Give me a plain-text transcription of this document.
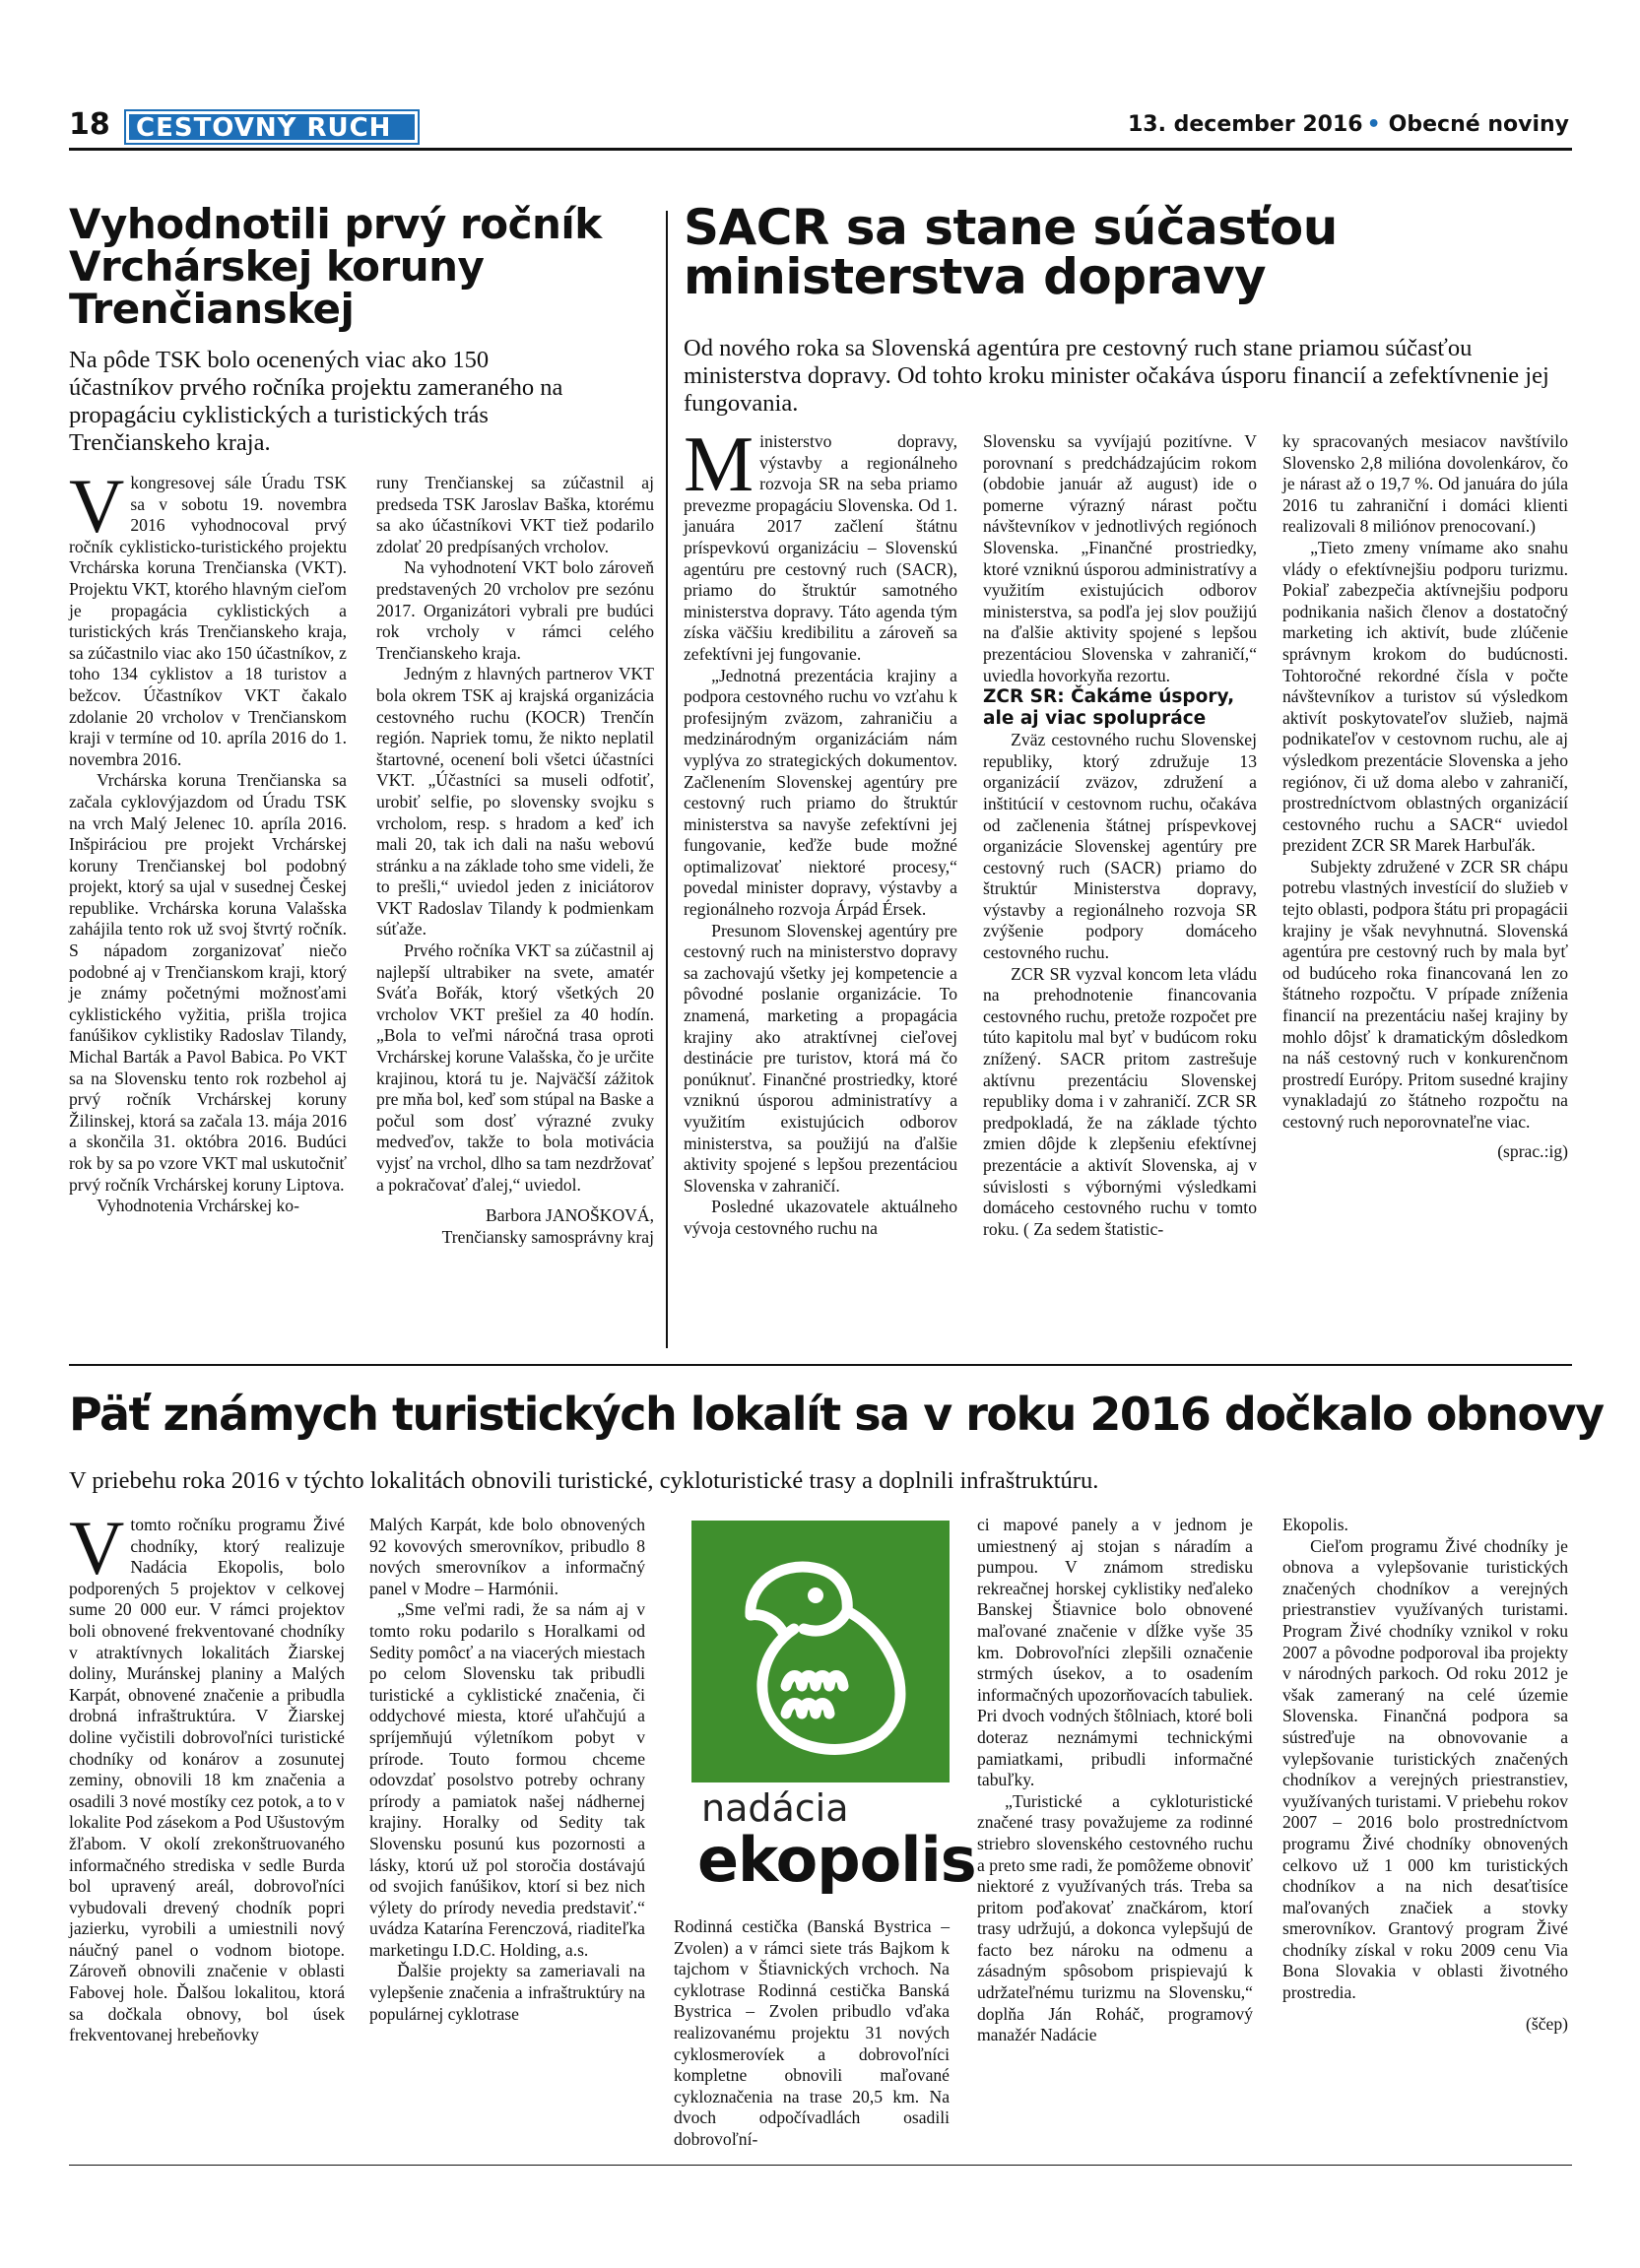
18 CESTOVNÝ RUCH	13. december 2016 • Obecné noviny
Vyhodnotili prvý ročník
Vrchárskej koruny
Trenčianskej

Na pôde TSK bolo ocenených viac ako 150 účastníkov prvého ročníka projektu zameraného na propagáciu cyklistických a turistických trás Trenčianskeho kraja.

V kongresovej sále Úradu TSK sa v sobotu 19. novembra 2016 vyhodnocoval prvý ročník cyklisticko-turistického projektu Vrchárska koruna Trenčianska (VKT). Projektu VKT, ktorého hlavným cieľom je propagácia cyklistických a turistických krás Trenčianskeho kraja, sa zúčastnilo viac ako 150 účastníkov, z toho 134 cyklistov a 18 turistov a bežcov. Účastníkov VKT čakalo zdolanie 20 vrcholov v Trenčianskom kraji v termíne od 10. apríla 2016 do 1. novembra 2016.

Vrchárska koruna Trenčianska sa začala cyklovýjazdom od Úradu TSK na vrch Malý Jelenec 10. apríla 2016. Inšpiráciou pre projekt Vrchárskej koruny Trenčianskej bol podobný projekt, ktorý sa ujal v susednej Českej republike. Vrchárska koruna Valašska zahájila tento rok už svoj štvrtý ročník. S nápadom zorganizovať niečo podobné aj v Trenčianskom kraji, ktorý je známy početnými možnosťami cyklistického vyžitia, prišla trojica fanúšikov cyklistiky Radoslav Tilandy, Michal Barták a Pavol Babica. Po VKT sa na Slovensku tento rok rozbehol aj prvý ročník Vrchárskej koruny Žilinskej, ktorá sa začala 13. mája 2016 a skončila 31. októbra 2016. Budúci rok by sa po vzore VKT mal uskutočniť prvý ročník Vrchárskej koruny Liptova.

Vyhodnotenia Vrchárskej ko-

runy Trenčianskej sa zúčastnil aj predseda TSK Jaroslav Baška, ktorému sa ako účastníkovi VKT tiež podarilo zdolať 20 predpísaných vrcholov.

Na vyhodnotení VKT bolo zároveň predstavených 20 vrcholov pre sezónu 2017. Organizátori vybrali pre budúci rok vrcholy v rámci celého Trenčianskeho kraja.

Jedným z hlavných partnerov VKT bola okrem TSK aj krajská organizácia cestovného ruchu (KOCR) Trenčín región. Napriek tomu, že nikto neplatil štartovné, ocenení boli všetci účastníci VKT. „Účastníci sa museli odfotiť, urobiť selfie, po slovensky svojku s vrcholom, resp. s hradom a keď ich mali 20, tak ich dali na našu webovú stránku a na základe toho sme videli, že to prešli,“ uviedol jeden z iniciátorov VKT Radoslav Tilandy k podmienkam súťaže.

Prvého ročníka VKT sa zúčastnil aj najlepší ultrabiker na svete, amatér Sváťa Bořák, ktorý všetkých 20 vrcholov VKT prešiel za 40 hodín. „Bola to veľmi náročná trasa oproti Vrchárskej korune Valašska, čo je určite krajinou, ktorá tu je. Najväčší zážitok pre mňa bol, keď som stúpal na Baske a počul som dosť výrazné zvuky medveďov, takže to bola motivácia vyjsť na vrchol, dlho sa tam nezdržovať a pokračovať ďalej,“ uviedol.

Barbora JANOŠKOVÁ,

Trenčiansky samosprávny kraj

SACR sa stane súčasťou
ministerstva dopravy

Od nového roka sa Slovenská agentúra pre cestovný ruch stane priamou súčasťou ministerstva dopravy. Od tohto kroku minister očakáva úsporu financií a zefektívnenie jej fungovania.

M inisterstvo dopravy, výstavby a regionálneho rozvoja SR na seba priamo prevezme propagáciu Slovenska. Od 1. januára 2017 začlení štátnu príspevkovú organizáciu – Slovenskú agentúru pre cestovný ruch (SACR), priamo do štruktúr samotného ministerstva dopravy. Táto agenda tým získa väčšiu kredibilitu a zároveň sa zefektívni jej fungovanie.

„Jednotná prezentácia krajiny a podpora cestovného ruchu vo vzťahu k profesijným zväzom, zahraničiu a medzinárodným organizáciám nám vyplýva zo strategických dokumentov. Začlenením Slovenskej agentúry pre cestovný ruch priamo do štruktúr ministerstva sa navyše zefektívni jej fungovanie, keďže bude možné optimalizovať niektoré procesy,“ povedal minister dopravy, výstavby a regionálneho rozvoja Árpád Érsek.

Presunom Slovenskej agentúry pre cestovný ruch na ministerstvo dopravy sa zachovajú všetky jej kompetencie a pôvodné poslanie organizácie. To znamená, marketing a propagácia krajiny ako atraktívnej cieľovej destinácie pre turistov, ktorá má čo ponúknuť. Finančné prostriedky, ktoré vzniknú úsporou administratívy a využitím existujúcich odborov ministerstva, sa použijú na ďalšie aktivity spojené s lepšou prezentáciou Slovenska v zahraničí.

Posledné ukazovatele aktuálneho vývoja cestovného ruchu na

Slovensku sa vyvíjajú pozitívne. V porovnaní s predchádzajúcim rokom (obdobie január až august) ide o pomerne výrazný nárast počtu návštevníkov v jednotlivých regiónoch Slovenska. „Finančné prostriedky, ktoré vzniknú úsporou administratívy a využitím existujúcich odborov ministerstva, sa podľa jej slov použijú na ďalšie aktivity spojené s lepšou prezentáciou Slovenska v zahraničí,“ uviedla hovorkyňa rezortu.

ZCR SR: Čakáme úspory, ale aj viac spolupráce

Zväz cestovného ruchu Slovenskej republiky, ktorý združuje 13 organizácií zväzov, združení a inštitúcií v cestovnom ruchu, očakáva od začlenenia štátnej príspevkovej organizácie Slovenskej agentúry pre cestovný ruch (SACR) priamo do štruktúr Ministerstva dopravy, výstavby a regionálneho rozvoja SR zvýšenie podpory domáceho cestovného ruchu.

ZCR SR vyzval koncom leta vládu na prehodnotenie financovania cestovného ruchu, pretože rozpočet pre túto kapitolu mal byť v budúcom roku znížený. SACR pritom zastrešuje aktívnu prezentáciu Slovenskej republiky doma i v zahraničí. ZCR SR predpokladá, že na základe týchto zmien dôjde k zlepšeniu efektívnej prezentácie a aktivít Slovenska, aj v súvislosti s výbornými výsledkami domáceho cestovného ruchu v tomto roku. ( Za sedem štatistic-

ky spracovaných mesiacov navštívilo Slovensko 2,8 milióna dovolenkárov, čo je nárast až o 19,7 %. Od januára do júla 2016 tu zahraniční i domáci klienti realizovali 8 miliónov prenocovaní.)

„Tieto zmeny vnímame ako snahu vlády o efektívnejšiu podporu turizmu. Pokiaľ zabezpečia aktívnejšiu podporu podnikania našich členov a dostatočný marketing ich aktivít, bude zlúčenie správnym krokom do budúcnosti. Tohtoročné rekordné čísla v počte návštevníkov a turistov sú výsledkom aktivít poskytovateľov služieb, najmä podnikateľov v cestovnom ruchu, ale aj výsledkom prezentácie Slovenska a jeho regiónov, či už doma alebo v zahraničí, prostredníctvom oblastných organizácií cestovného ruchu a SACR“ uviedol prezident ZCR SR Marek Harbuľák.

Subjekty združené v ZCR SR chápu potrebu vlastných investícií do služieb v tejto oblasti, podpora štátu pri propagácii krajiny je však nevyhnutná. Slovenská agentúra pre cestovný ruch by mala byť od budúceho roka financovaná len zo štátneho rozpočtu. V prípade zníženia financií na prezentáciu našej krajiny by mohlo dôjsť k dramatickým dôsledkom na náš cestovný ruch v konkurenčnom prostredí Európy. Pritom susedné krajiny vynakladajú zo štátneho rozpočtu na cestovný ruch neporovnateľne viac.

(sprac.:ig)

Päť známych turistických lokalít sa v roku 2016 dočkalo obnovy

V priebehu roka 2016 v týchto lokalitách obnovili turistické, cykloturistické trasy a doplnili infraštruktúru.

V tomto ročníku programu Živé chodníky, ktorý realizuje Nadácia Ekopolis, bolo podporených 5 projektov v celkovej sume 20 000 eur. V rámci projektov boli obnovené frekventované chodníky v atraktívnych lokalitách Žiarskej doliny, Muránskej planiny a Malých Karpát, obnovené značenie a pribudla drobná infraštruktúra. V Žiarskej doline vyčistili dobrovoľníci turistické chodníky od konárov a zosunutej zeminy, obnovili 18 km značenia a osadili 3 nové mostíky cez potok, a to v lokalite Pod zásekom a Pod Ušustovým žľabom. V okolí zrekonštruovaného informačného strediska v sedle Burda bol upravený areál, dobrovoľníci vybudovali drevený chodník popri jazierku, vyrobili a umiestnili nový náučný panel o vodnom biotope. Zároveň obnovili značenie v oblasti Fabovej hole. Ďalšou lokalitou, ktorá sa dočkala obnovy, bol úsek frekventovanej hrebeňovky

Malých Karpát, kde bolo obnovených 92 kovových smerovníkov, pribudlo 8 nových smerovníkov a informačný panel v Modre – Harmónii.

„Sme veľmi radi, že sa nám aj v tomto roku podarilo s Horalkami od Sedity pomôcť a na viacerých miestach po celom Slovensku tak pribudli turistické a cyklistické značenia, či oddychové miesta, ktoré uľahčujú a spríjemňujú výletníkom pobyt v prírode. Touto formou chceme odovzdať posolstvo potreby ochrany prírody a pamiatok našej nádhernej krajiny. Horalky od Sedity tak Slovensku posunú kus pozornosti a lásky, ktorú už pol storočia dostávajú od svojich fanúšikov, ktorí si bez nich výlety do prírody nevedia predstaviť.“ uvádza Katarína Ferenczová, riaditeľka marketingu I.D.C. Holding, a.s.

Ďalšie projekty sa zameriavali na vylepšenie značenia a infraštruktúry na populárnej cyklotrase

nadácia
ekopolis

Rodinná cestička (Banská Bystrica – Zvolen) a v rámci siete trás Bajkom k tajchom v Štiavnických vrchoch. Na cyklotrase Rodinná cestička Banská Bystrica – Zvolen pribudlo vďaka realizovanému projektu 31 nových cyklosmerovíek a dobrovoľníci kompletne obnovili maľované cykloznačenia na trase 20,5 km. Na dvoch odpočívadlách osadili dobrovoľní-

ci mapové panely a v jednom je umiestnený aj stojan s náradím a pumpou. V známom stredisku rekreačnej horskej cyklistiky neďaleko Banskej Štiavnice bolo obnovené maľované značenie v dĺžke vyše 35 km. Dobrovoľníci zlepšili označenie strmých úsekov, a to osadením informačných upozorňovacích tabuliek. Pri dvoch vodných štôlniach, ktoré boli doteraz neznámymi technickými pamiatkami, pribudli informačné tabuľky.

„Turistické a cykloturistické značené trasy považujeme za rodinné striebro slovenského cestovného ruchu a preto sme radi, že pomôžeme obnoviť niektoré z využívaných trás. Treba sa pritom poďakovať značkárom, ktorí trasy udržujú, a dokonca vylepšujú de facto bez nároku na odmenu a zásadným spôsobom prispievajú k udržateľnému turizmu na Slovensku,“ doplňa Ján Roháč, programový manažér Nadácie

Ekopolis.

Cieľom programu Živé chodníky je obnova a vylepšovanie turistických značených chodníkov a verejných priestranstiev využívaných turistami. Program Živé chodníky vznikol v roku 2007 a pôvodne podporoval iba projekty v národných parkoch. Od roku 2012 je však zameraný na celé územie Slovenska. Finančná podpora sa sústreďuje na obnovovanie a vylepšovanie turistických značených chodníkov a verejných priestranstiev, využívaných turistami. V priebehu rokov 2007 – 2016 bolo prostredníctvom programu Živé chodníky obnovených celkovo už 1 000 km turistických chodníkov a na nich desaťtisíce maľovaných značiek a stovky smerovníkov. Grantový program Živé chodníky získal v roku 2009 cenu Via Bona Slovakia v oblasti životného prostredia.

(ščep)
